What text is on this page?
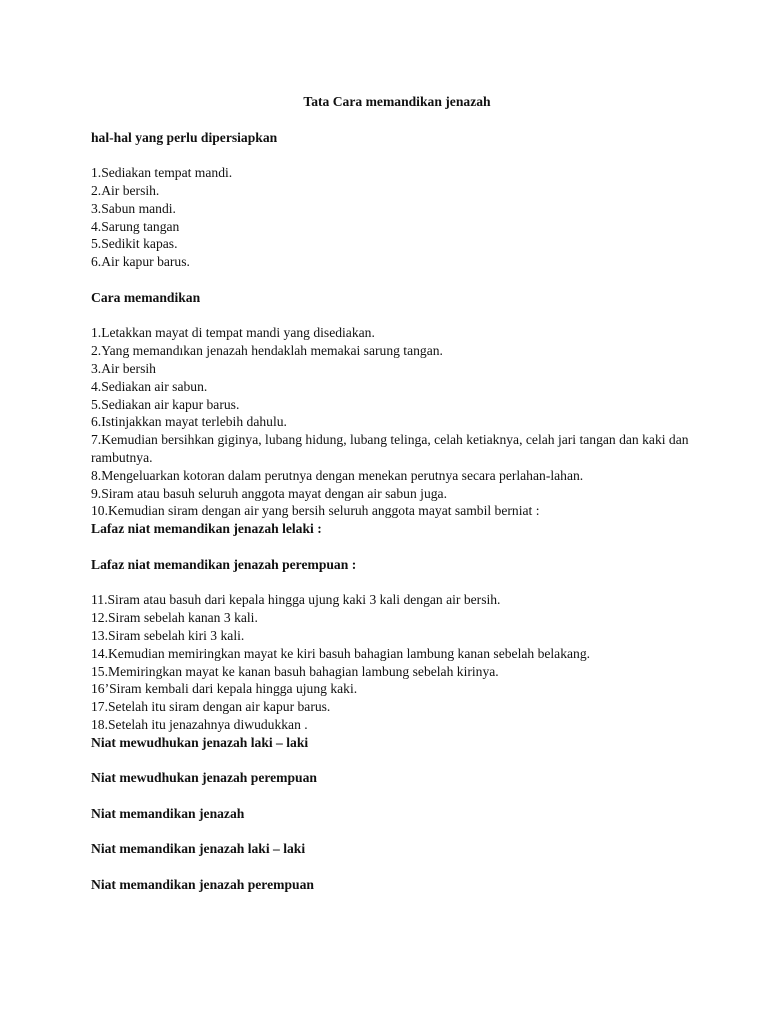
Tata Cara memandikan jenazah

hal-hal yang perlu dipersiapkan

1.Sediakan tempat mandi.
2.Air bersih.
3.Sabun mandi.
4.Sarung tangan
5.Sedikit kapas.
6.Air kapur barus.

Cara memandikan

1.Letakkan mayat di tempat mandi yang disediakan.
2.Yang memandıkan jenazah hendaklah memakai sarung tangan.
3.Air bersih
4.Sediakan air sabun.
5.Sediakan air kapur barus.
6.Istinjakkan mayat terlebih dahulu.
7.Kemudian bersihkan giginya, lubang hidung, lubang telinga, celah ketiaknya, celah jari tangan dan kaki dan rambutnya.
8.Mengeluarkan kotoran dalam perutnya dengan menekan perutnya secara perlahan-lahan.
9.Siram atau basuh seluruh anggota mayat dengan air sabun juga.
10.Kemudian siram dengan air yang bersih seluruh anggota mayat sambil berniat :

Lafaz niat memandikan jenazah lelaki :

Lafaz niat memandikan jenazah perempuan :

11.Siram atau basuh dari kepala hingga ujung kaki 3 kali dengan air bersih.
12.Siram sebelah kanan 3 kali.
13.Siram sebelah kiri 3 kali.
14.Kemudian memiringkan mayat ke kiri basuh bahagian lambung kanan sebelah belakang.
15.Memiringkan mayat ke kanan basuh bahagian lambung sebelah kirinya.
16’Siram kembali dari kepala hingga ujung kaki.
17.Setelah itu siram dengan air kapur barus.
18.Setelah itu jenazahnya diwudukkan .

Niat mewudhukan jenazah laki – laki

Niat mewudhukan jenazah perempuan

Niat memandikan jenazah

Niat memandikan jenazah laki – laki

Niat memandikan jenazah perempuan
